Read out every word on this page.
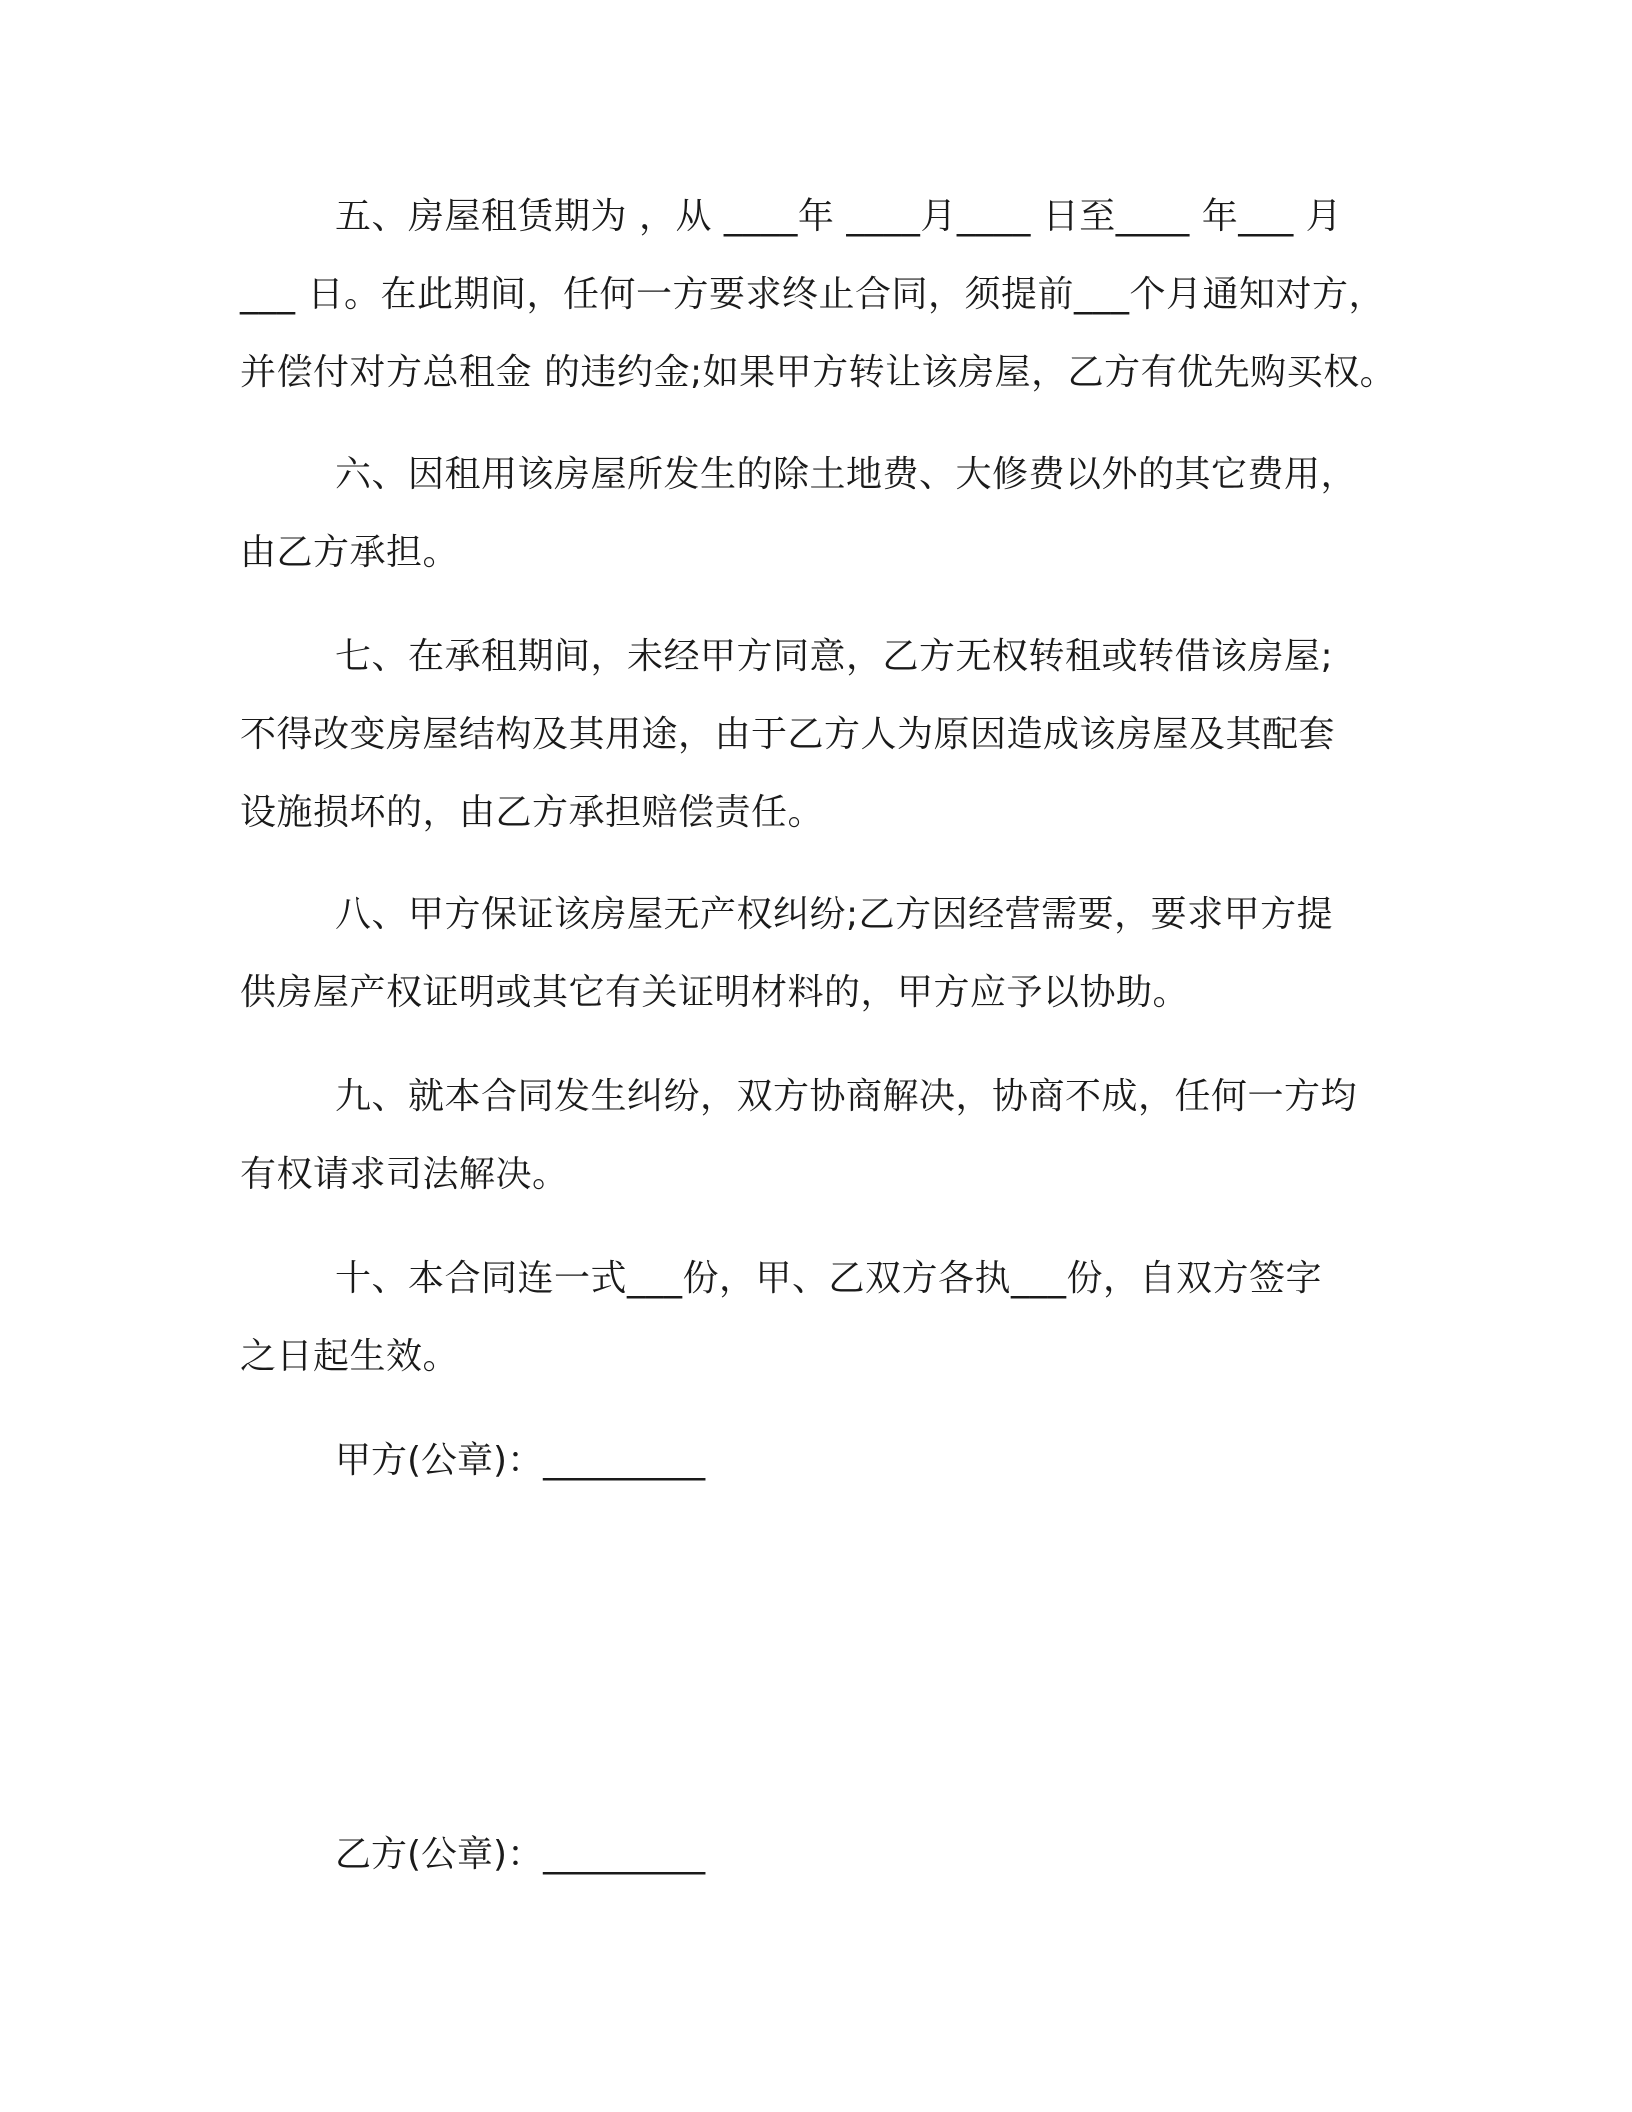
五、房屋租赁期为 ，从 ____年 ____月____ 日至____ 年___ 月
___ 日。在此期间，任何一方要求终止合同，须提前___个月通知对方，
并偿付对方总租金 的违约金;如果甲方转让该房屋，乙方有优先购买权。
六、因租用该房屋所发生的除土地费、大修费以外的其它费用，
由乙方承担。
七、在承租期间，未经甲方同意，乙方无权转租或转借该房屋;
不得改变房屋结构及其用途，由于乙方人为原因造成该房屋及其配套
设施损坏的，由乙方承担赔偿责任。
八、甲方保证该房屋无产权纠纷;乙方因经营需要，要求甲方提
供房屋产权证明或其它有关证明材料的，甲方应予以协助。
九、就本合同发生纠纷，双方协商解决，协商不成，任何一方均
有权请求司法解决。
十、本合同连一式___份，甲、乙双方各执___份，自双方签字
之日起生效。
甲方(公章)：_________
乙方(公章)：_________
